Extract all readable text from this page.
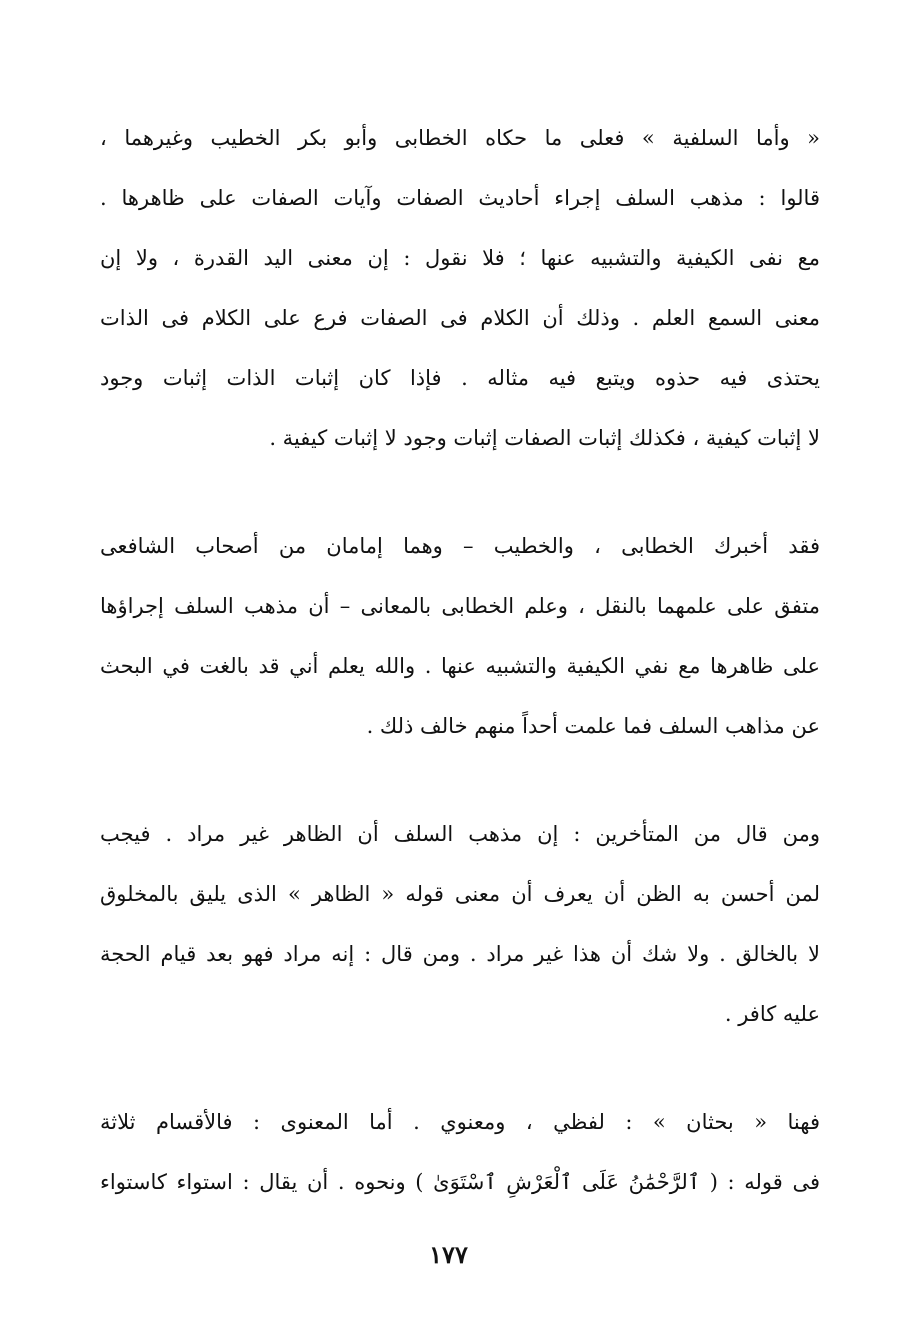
« وأما السلفية » فعلى ما حكاه الخطابى وأبو بكر الخطيب وغيرهما ،
قالوا : مذهب السلف إجراء أحاديث الصفات وآيات الصفات على ظاهرها .
مع نفى الكيفية والتشبيه عنها ؛ فلا نقول : إن معنى اليد القدرة ، ولا إن
معنى السمع العلم . وذلك أن الكلام فى الصفات فرع على الكلام فى الذات
يحتذى فيه حذوه ويتبع فيه مثاله . فإذا كان إثبات الذات إثبات وجود
لا إثبات كيفية ، فكذلك إثبات الصفات إثبات وجود لا إثبات كيفية .
فقد أخبرك الخطابى ، والخطيب – وهما إمامان من أصحاب الشافعى
متفق على علمهما بالنقل ، وعلم الخطابى بالمعانى – أن مذهب السلف إجراؤها
على ظاهرها مع نفي الكيفية والتشبيه عنها . والله يعلم أني قد بالغت في البحث
عن مذاهب السلف فما علمت أحداً منهم خالف ذلك .
ومن قال من المتأخرين : إن مذهب السلف أن الظاهر غير مراد . فيجب
لمن أحسن به الظن أن يعرف أن معنى قوله « الظاهر » الذى يليق بالمخلوق
لا بالخالق . ولا شك أن هذا غير مراد . ومن قال : إنه مراد فهو بعد قيام الحجة
عليه كافر .
فهنا « بحثان » : لفظي ، ومعنوي . أما المعنوى : فالأقسام ثلاثة
فى قوله : ( ٱلرَّحْمَٰنُ عَلَى ٱلْعَرْشِ ٱسْتَوَىٰ ) ونحوه . أن يقال : استواء كاستواء
١٧٧
